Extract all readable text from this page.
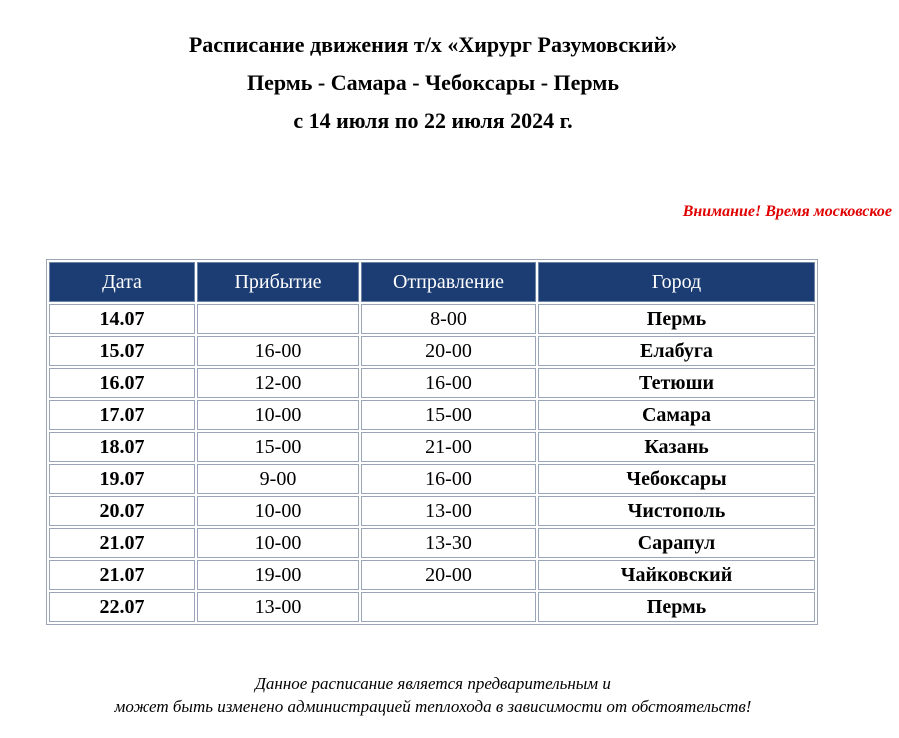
Расписание движения т/х «Хирург Разумовский»
Пермь - Самара - Чебоксары - Пермь
с 14 июля по 22 июля 2024 г.
Внимание! Время московское
Дата	Прибытие	Отправление	Город
14.07		8-00	Пермь
15.07	16-00	20-00	Елабуга
16.07	12-00	16-00	Тетюши
17.07	10-00	15-00	Самара
18.07	15-00	21-00	Казань
19.07	9-00	16-00	Чебоксары
20.07	10-00	13-00	Чистополь
21.07	10-00	13-30	Сарапул
21.07	19-00	20-00	Чайковский
22.07	13-00		Пермь
Данное расписание является предварительным и
может быть изменено администрацией теплохода в зависимости от обстоятельств!
